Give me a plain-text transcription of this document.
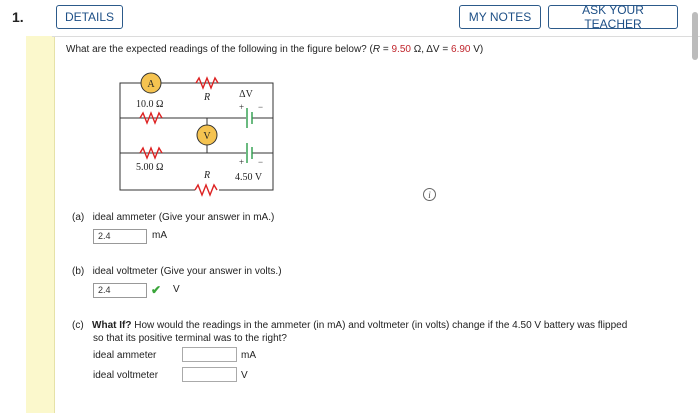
1.	DETAILS	MY NOTES	ASK YOUR TEACHER
What are the expected readings of the following in the figure below? (R = 9.50 Ω, ΔV = 6.90 V)
A
R
10.0 Ω
ΔV
+ −
V
5.00 Ω	+ −
4.50 V
R
i
(a) ideal ammeter (Give your answer in mA.)
2.4	mA
(b) ideal voltmeter (Give your answer in volts.)
2.4	✔ V
(c) What If? How would the readings in the ammeter (in mA) and voltmeter (in volts) change if the 4.50 V battery was flipped
so that its positive terminal was to the right?
ideal ammeter	mA
ideal voltmeter	V
